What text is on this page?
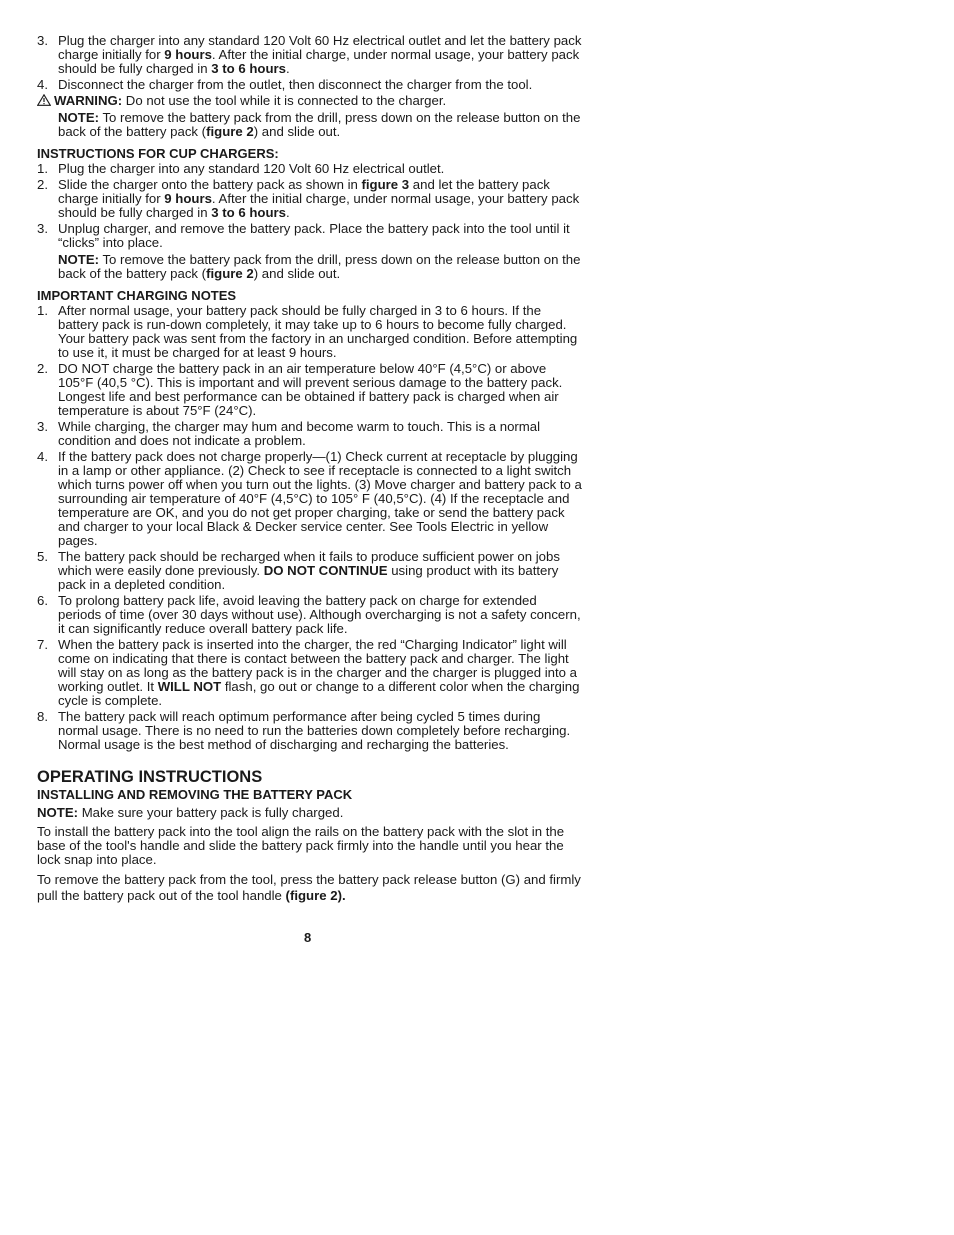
3. Plug the charger into any standard 120 Volt 60 Hz electrical outlet and let the battery pack charge initially for 9 hours. After the initial charge, under normal usage, your battery pack should be fully charged in 3 to 6 hours.
4. Disconnect the charger from the outlet, then disconnect the charger from the tool.
WARNING: Do not use the tool while it is connected to the charger.
NOTE: To remove the battery pack from the drill, press down on the release button on the back of the battery pack (figure 2) and slide out.
INSTRUCTIONS FOR CUP CHARGERS:
1. Plug the charger into any standard 120 Volt 60 Hz electrical outlet.
2. Slide the charger onto the battery pack as shown in figure 3 and let the battery pack charge initially for 9 hours. After the initial charge, under normal usage, your battery pack should be fully charged in 3 to 6 hours.
3. Unplug charger, and remove the battery pack. Place the battery pack into the tool until it “clicks” into place.
NOTE: To remove the battery pack from the drill, press down on the release button on the back of the battery pack (figure 2) and slide out.
IMPORTANT CHARGING NOTES
1. After normal usage, your battery pack should be fully charged in 3 to 6 hours. If the battery pack is run-down completely, it may take up to 6 hours to become fully charged. Your battery pack was sent from the factory in an uncharged condition. Before attempting to use it, it must be charged for at least 9 hours.
2. DO NOT charge the battery pack in an air temperature below 40°F (4,5°C) or above 105°F (40,5 °C). This is important and will prevent serious damage to the battery pack. Longest life and best performance can be obtained if battery pack is charged when air temperature is about 75°F (24°C).
3. While charging, the charger may hum and become warm to touch. This is a normal condition and does not indicate a problem.
4. If the battery pack does not charge properly—(1) Check current at receptacle by plugging in a lamp or other appliance. (2) Check to see if receptacle is connected to a light switch which turns power off when you turn out the lights. (3) Move charger and battery pack to a surrounding air temperature of 40°F (4,5°C) to 105° F (40,5°C). (4) If the receptacle and temperature are OK, and you do not get proper charging, take or send the battery pack and charger to your local Black & Decker service center. See Tools Electric in yellow pages.
5. The battery pack should be recharged when it fails to produce sufficient power on jobs which were easily done previously. DO NOT CONTINUE using product with its battery pack in a depleted condition.
6. To prolong battery pack life, avoid leaving the battery pack on charge for extended periods of time (over 30 days without use). Although overcharging is not a safety concern, it can significantly reduce overall battery pack life.
7. When the battery pack is inserted into the charger, the red “Charging Indicator” light will come on indicating that there is contact between the battery pack and charger. The light will stay on as long as the battery pack is in the charger and the charger is plugged into a working outlet. It WILL NOT flash, go out or change to a different color when the charging cycle is complete.
8. The battery pack will reach optimum performance after being cycled 5 times during normal usage. There is no need to run the batteries down completely before recharging. Normal usage is the best method of discharging and recharging the batteries.
OPERATING INSTRUCTIONS
INSTALLING AND REMOVING THE BATTERY PACK
NOTE: Make sure your battery pack is fully charged.
To install the battery pack into the tool align the rails on the battery pack with the slot in the base of the tool's handle and slide the battery pack firmly into the handle until you hear the lock snap into place.
To remove the battery pack from the tool, press the battery pack release button (G) and firmly pull the battery pack out of the tool handle (figure 2).
8
